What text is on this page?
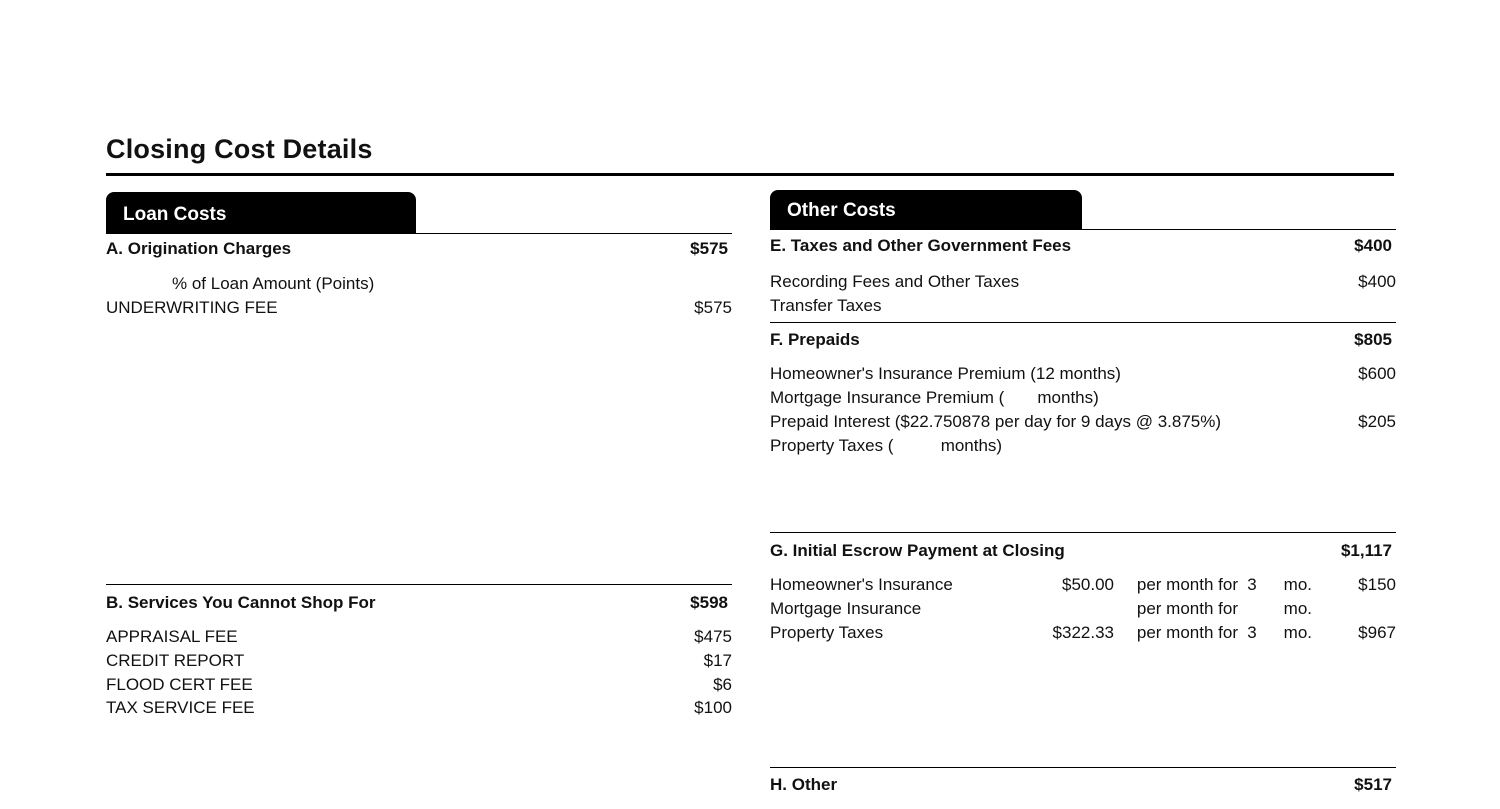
Closing Cost Details
Loan Costs
A. Origination Charges	$575
% of Loan Amount (Points)
UNDERWRITING FEE	$575
B. Services You Cannot Shop For	$598
APPRAISAL FEE	$475
CREDIT REPORT	$17
FLOOD CERT FEE	$6
TAX SERVICE FEE	$100
Other Costs
E. Taxes and Other Government Fees	$400
Recording Fees and Other Taxes	$400
Transfer Taxes
F. Prepaids	$805
Homeowner's Insurance Premium (12 months)	$600
Mortgage Insurance Premium (       months)
Prepaid Interest ($22.750878 per day for 9 days @ 3.875%)	$205
Property Taxes (          months)
G. Initial Escrow Payment at Closing	$1,117
Homeowner's Insurance	$50.00 per month for 3 mo.	$150
Mortgage Insurance	per month for	mo.
Property Taxes	$322.33 per month for 3 mo.	$967
H. Other	$517
